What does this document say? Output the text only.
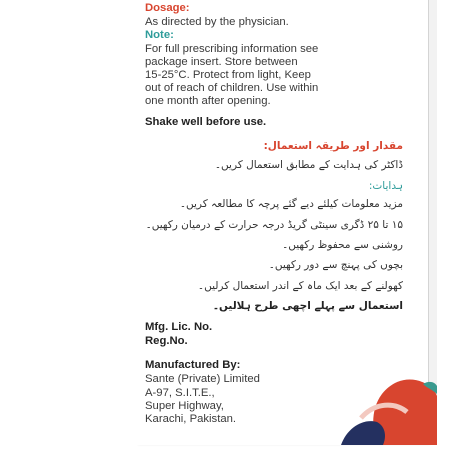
Dosage:
As directed by the physician.
Note:
For full prescribing information see
package insert. Store between
15-25°C. Protect from light, Keep
out of reach of children. Use within
one month after opening.
Shake well before use.
مقدار اور طریقہ استعمال:
ڈاکٹر کی ہدایت کے مطابق استعمال کریں۔
ہدایات:
مزید معلومات کیلئے دیے گئے پرچہ کا مطالعہ کریں۔
۱۵ تا ۲۵ ڈگری سینٹی گریڈ درجہ حرارت کے درمیان رکھیں۔
روشنی سے محفوظ رکھیں۔
بچوں کی پہنچ سے دور رکھیں۔
کھولنے کے بعد ایک ماہ کے اندر استعمال کرلیں۔
استعمال سے پہلے اچھی طرح ہلالیں۔
Mfg. Lic. No.
Reg.No.
Manufactured By:
Sante (Private) Limited
A-97, S.I.T.E.,
Super Highway,
Karachi, Pakistan.
